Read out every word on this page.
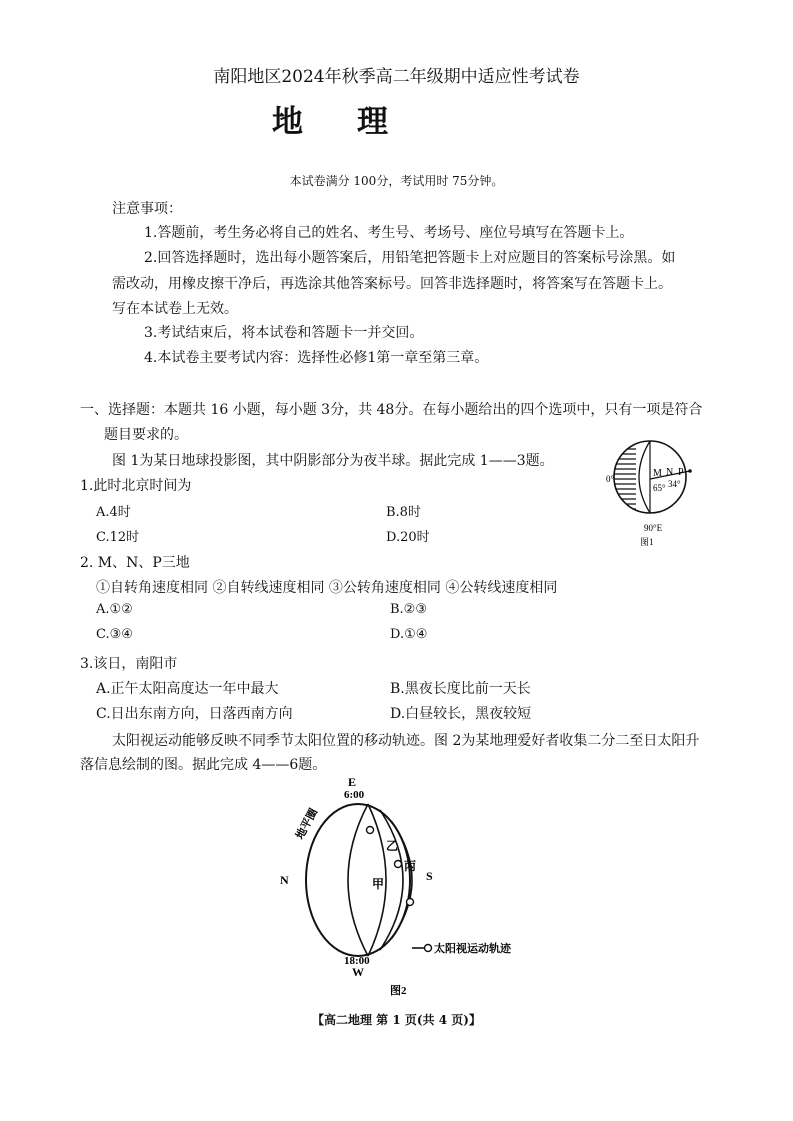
南阳地区2024年秋季高二年级期中适应性考试卷
地理
本试卷满分 100分，考试用时 75分钟。
注意事项：
1.答题前，考生务必将自己的姓名、考生号、考场号、座位号填写在答题卡上。
2.回答选择题时，选出每小题答案后，用铅笔把答题卡上对应题目的答案标号涂黑。如
需改动，用橡皮擦干净后，再选涂其他答案标号。回答非选择题时，将答案写在答题卡上。
写在本试卷上无效。
3.考试结束后，将本试卷和答题卡一并交回。
4.本试卷主要考试内容：选择性必修1第一章至第三章。
一、选择题：本题共 16 小题，每小题 3分，共 48分。在每小题给出的四个选项中，只有一项是符合
题目要求的。
图 1为某日地球投影图，其中阴影部分为夜半球。据此完成 1——3题。
1.此时北京时间为
A.4时	B.8时
C.12时	D.20时
2. M、N、P三地
①自转角速度相同 ②自转线速度相同 ③公转角速度相同 ④公转线速度相同
A.①②	B.②③
C.③④	D.①④
3.该日，南阳市
A.正午太阳高度达一年中最大	B.黑夜长度比前一天长
C.日出东南方向，日落西南方向	D.白昼较长，黑夜较短
太阳视运动能够反映不同季节太阳位置的移动轨迹。图 2为某地理爱好者收集二分二至日太阳升
落信息绘制的图。据此完成 4——6题。
0°	M N P
65° 34°
90°E
图1
E
6:00
地平圈
N	S
甲
乙
丙
18:00
W
太阳视运动轨迹
图2
【高二地理 第 1 页(共 4 页)】
